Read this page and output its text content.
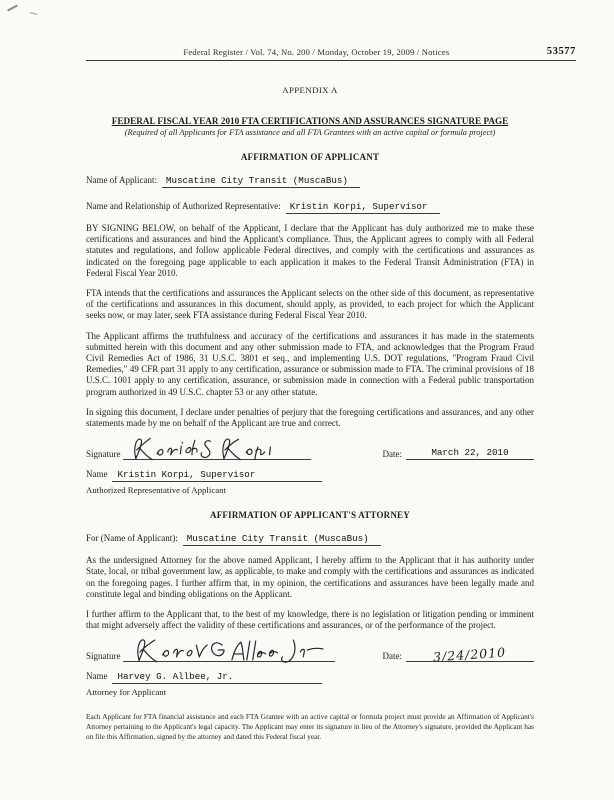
Federal Register / Vol. 74, No. 200 / Monday, October 19, 2009 / Notices	53577
APPENDIX A
FEDERAL FISCAL YEAR 2010 FTA CERTIFICATIONS AND ASSURANCES SIGNATURE PAGE
(Required of all Applicants for FTA assistance and all FTA Grantees with an active capital or formula project)
AFFIRMATION OF APPLICANT
Name of Applicant: Muscatine City Transit (MuscaBus)
Name and Relationship of Authorized Representative: Kristin Korpi, Supervisor

BY SIGNING BELOW, on behalf of the Applicant, I declare that the Applicant has duly authorized me to make these certifications and assurances and bind the Applicant's compliance. Thus, the Applicant agrees to comply with all Federal statutes and regulations, and follow applicable Federal directives, and comply with the certifications and assurances as indicated on the foregoing page applicable to each application it makes to the Federal Transit Administration (FTA) in Federal Fiscal Year 2010.

FTA intends that the certifications and assurances the Applicant selects on the other side of this document, as representative of the certifications and assurances in this document, should apply, as provided, to each project for which the Applicant seeks now, or may later, seek FTA assistance during Federal Fiscal Year 2010.

The Applicant affirms the truthfulness and accuracy of the certifications and assurances it has made in the statements submitted herein with this document and any other submission made to FTA, and acknowledges that the Program Fraud Civil Remedies Act of 1986, 31 U.S.C. 3801 et seq., and implementing U.S. DOT regulations, "Program Fraud Civil Remedies," 49 CFR part 31 apply to any certification, assurance or submission made to FTA. The criminal provisions of 18 U.S.C. 1001 apply to any certification, assurance, or submission made in connection with a Federal public transportation program authorized in 49 U.S.C. chapter 53 or any other statute.

In signing this document, I declare under penalties of perjury that the foregoing certifications and assurances, and any other statements made by me on behalf of the Applicant are true and correct.

Signature	Date:	March 22, 2010
Name	Kristin Korpi, Supervisor
Authorized Representative of Applicant
AFFIRMATION OF APPLICANT'S ATTORNEY
For (Name of Applicant): Muscatine City Transit (MuscaBus)

As the undersigned Attorney for the above named Applicant, I hereby affirm to the Applicant that it has authority under State, local, or tribal government law, as applicable, to make and comply with the certifications and assurances as indicated on the foregoing pages. I further affirm that, in my opinion, the certifications and assurances have been legally made and constitute legal and binding obligations on the Applicant.

I further affirm to the Applicant that, to the best of my knowledge, there is no legislation or litigation pending or imminent that might adversely affect the validity of these certifications and assurances, or of the performance of the project.

Signature	Date:	3/24/2010
Name	Harvey G. Allbee, Jr.
Attorney for Applicant

Each Applicant for FTA financial assistance and each FTA Grantee with an active capital or formula project must provide an Affirmation of Applicant's Attorney pertaining to the Applicant's legal capacity. The Applicant may enter its signature in lieu of the Attorney's signature, provided the Applicant has on file this Affirmation, signed by the attorney and dated this Federal fiscal year.
